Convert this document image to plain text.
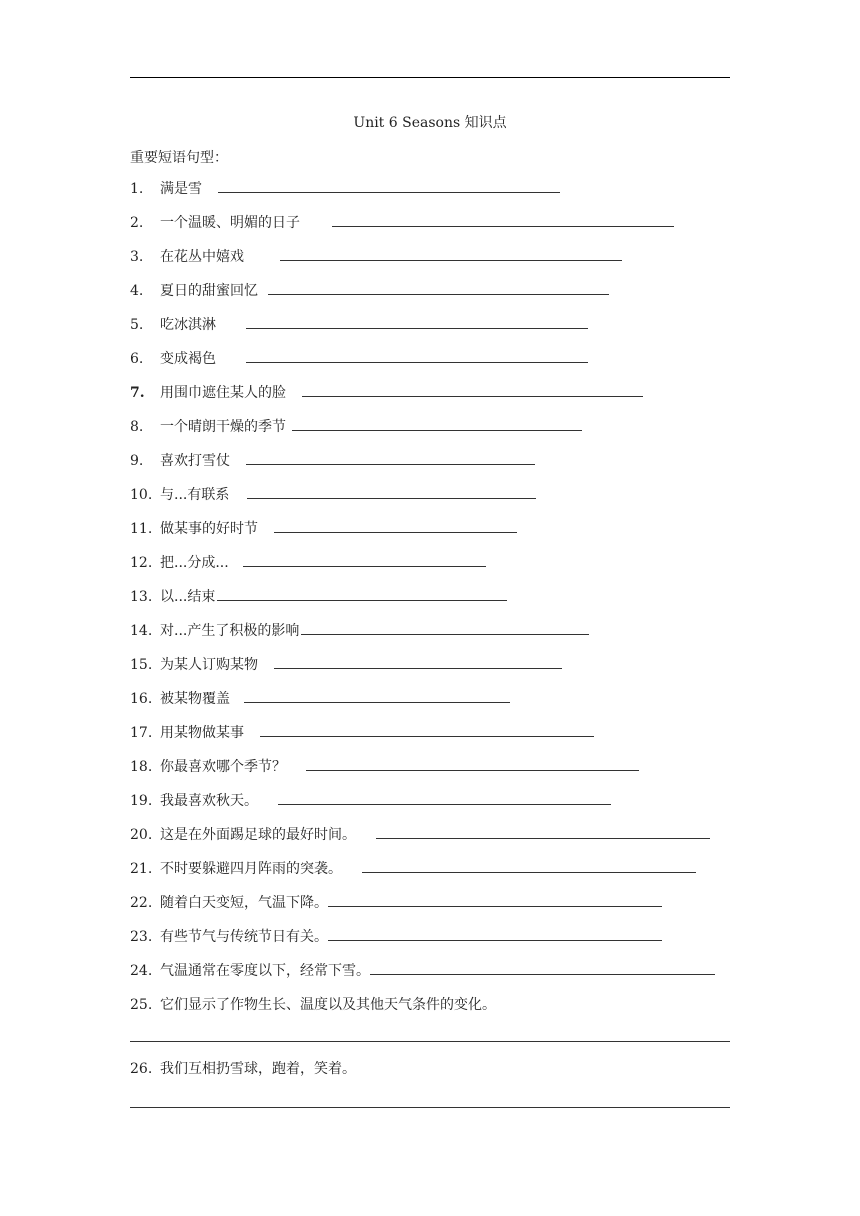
Unit 6 Seasons 知识点
重要短语句型：
1. 满是雪
2. 一个温暖、明媚的日子
3. 在花丛中嬉戏
4. 夏日的甜蜜回忆
5. 吃冰淇淋
6. 变成褐色
7. 用围巾遮住某人的脸
8. 一个晴朗干燥的季节
9. 喜欢打雪仗
10. 与...有联系
11. 做某事的好时节
12. 把...分成...
13. 以...结束
14. 对...产生了积极的影响
15. 为某人订购某物
16. 被某物覆盖
17. 用某物做某事
18. 你最喜欢哪个季节？
19. 我最喜欢秋天。
20. 这是在外面踢足球的最好时间。
21. 不时要躲避四月阵雨的突袭。
22. 随着白天变短，气温下降。
23. 有些节气与传统节日有关。
24. 气温通常在零度以下，经常下雪。
25. 它们显示了作物生长、温度以及其他天气条件的变化。
26. 我们互相扔雪球，跑着，笑着。
